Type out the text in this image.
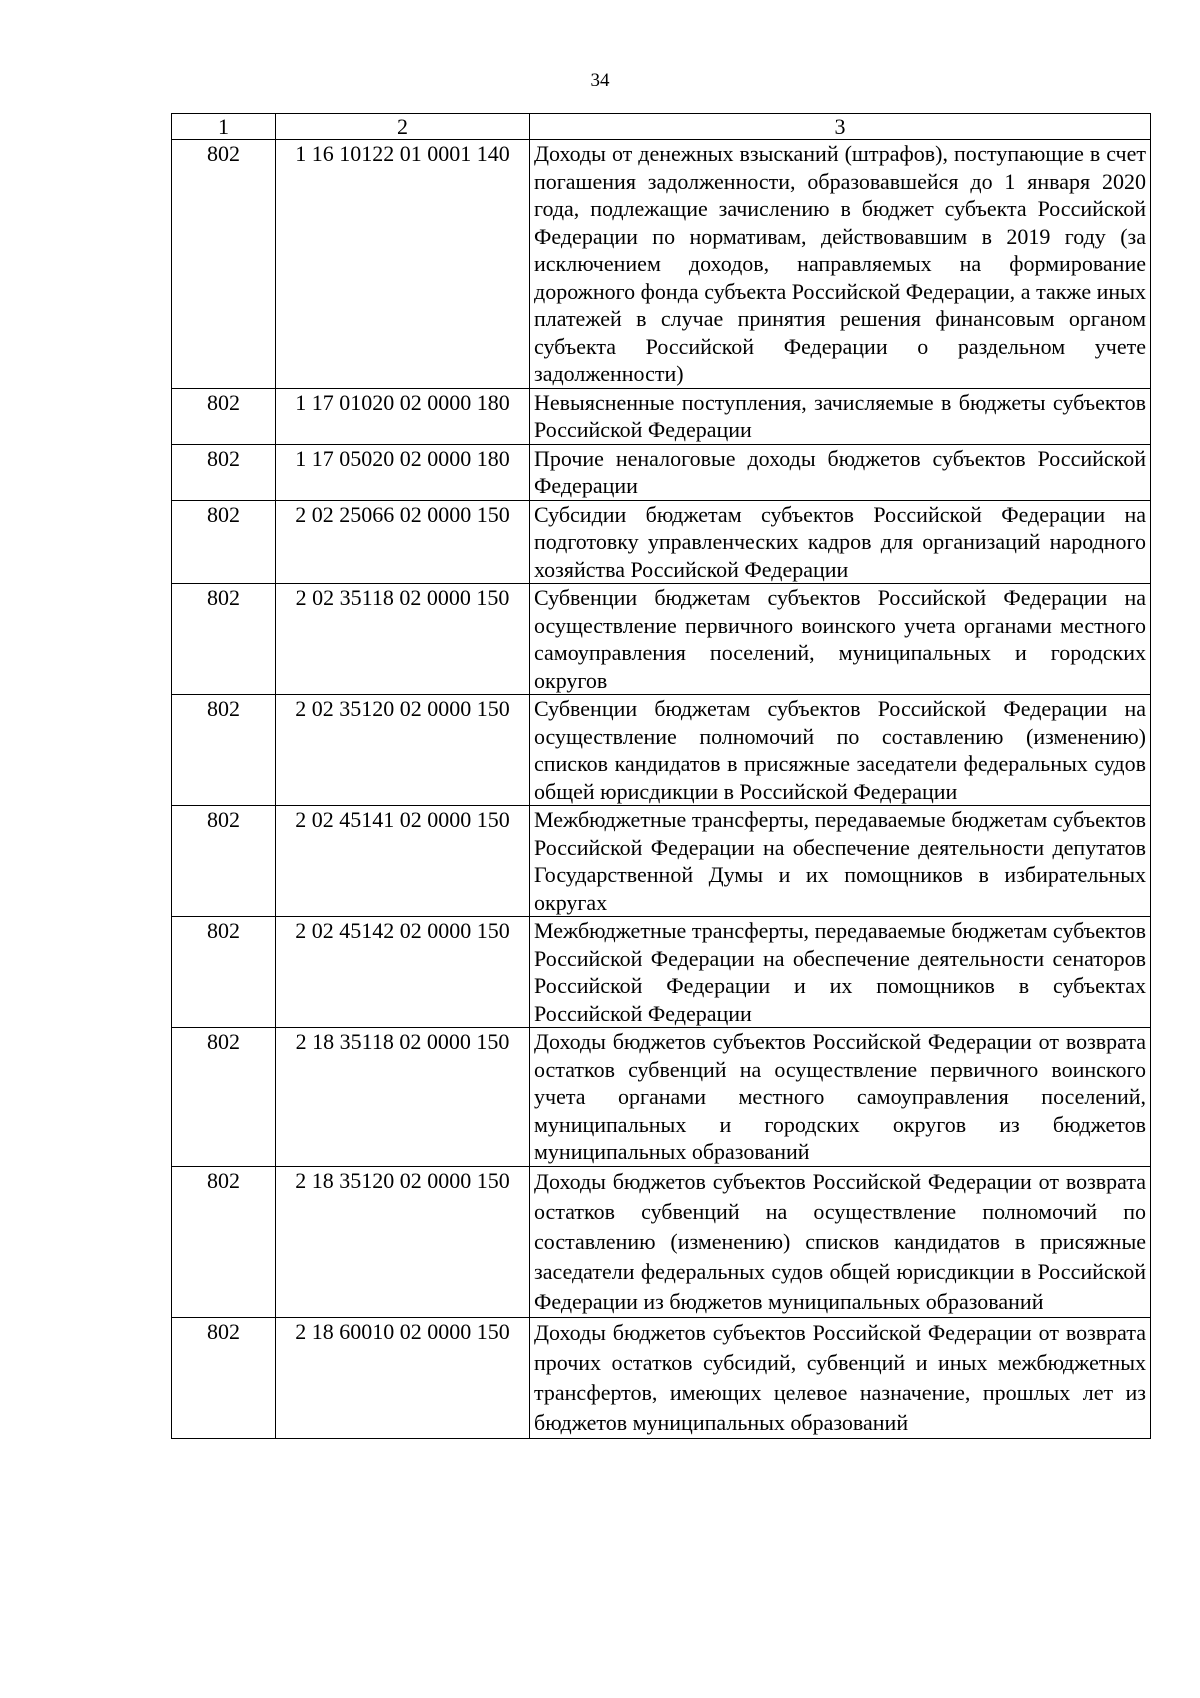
34
1	2	3
802	1 16 10122 01 0001 140	Доходы от денежных взысканий (штрафов), поступающие в счет погашения задолженности, образовавшейся до 1 января 2020 года, подлежащие зачислению в бюджет субъекта Российской Федерации по нормативам, действовавшим в 2019 году (за исключением доходов, направляемых на формирование дорожного фонда субъекта Российской Федерации, а также иных платежей в случае принятия решения финансовым органом субъекта Российской Федерации о раздельном учете задолженности)
802	1 17 01020 02 0000 180	Невыясненные поступления, зачисляемые в бюджеты субъектов Российской Федерации
802	1 17 05020 02 0000 180	Прочие неналоговые доходы бюджетов субъектов Российской Федерации
802	2 02 25066 02 0000 150	Субсидии бюджетам субъектов Российской Федерации на подготовку управленческих кадров для организаций народного хозяйства Российской Федерации
802	2 02 35118 02 0000 150	Субвенции бюджетам субъектов Российской Федерации на осуществление первичного воинского учета органами местного самоуправления поселений, муниципальных и городских округов
802	2 02 35120 02 0000 150	Субвенции бюджетам субъектов Российской Федерации на осуществление полномочий по составлению (изменению) списков кандидатов в присяжные заседатели федеральных судов общей юрисдикции в Российской Федерации
802	2 02 45141 02 0000 150	Межбюджетные трансферты, передаваемые бюджетам субъектов Российской Федерации на обеспечение деятельности депутатов Государственной Думы и их помощников в избирательных округах
802	2 02 45142 02 0000 150	Межбюджетные трансферты, передаваемые бюджетам субъектов Российской Федерации на обеспечение деятельности сенаторов Российской Федерации и их помощников в субъектах Российской Федерации
802	2 18 35118 02 0000 150	Доходы бюджетов субъектов Российской Федерации от возврата остатков субвенций на осуществление первичного воинского учета органами местного самоуправления поселений, муниципальных и городских округов из бюджетов муниципальных образований
802	2 18 35120 02 0000 150	Доходы бюджетов субъектов Российской Федерации от возврата остатков субвенций на осуществление полномочий по составлению (изменению) списков кандидатов в присяжные заседатели федеральных судов общей юрисдикции в Российской Федерации из бюджетов муниципальных образований
802	2 18 60010 02 0000 150	Доходы бюджетов субъектов Российской Федерации от возврата прочих остатков субсидий, субвенций и иных межбюджетных трансфертов, имеющих целевое назначение, прошлых лет из бюджетов муниципальных образований
